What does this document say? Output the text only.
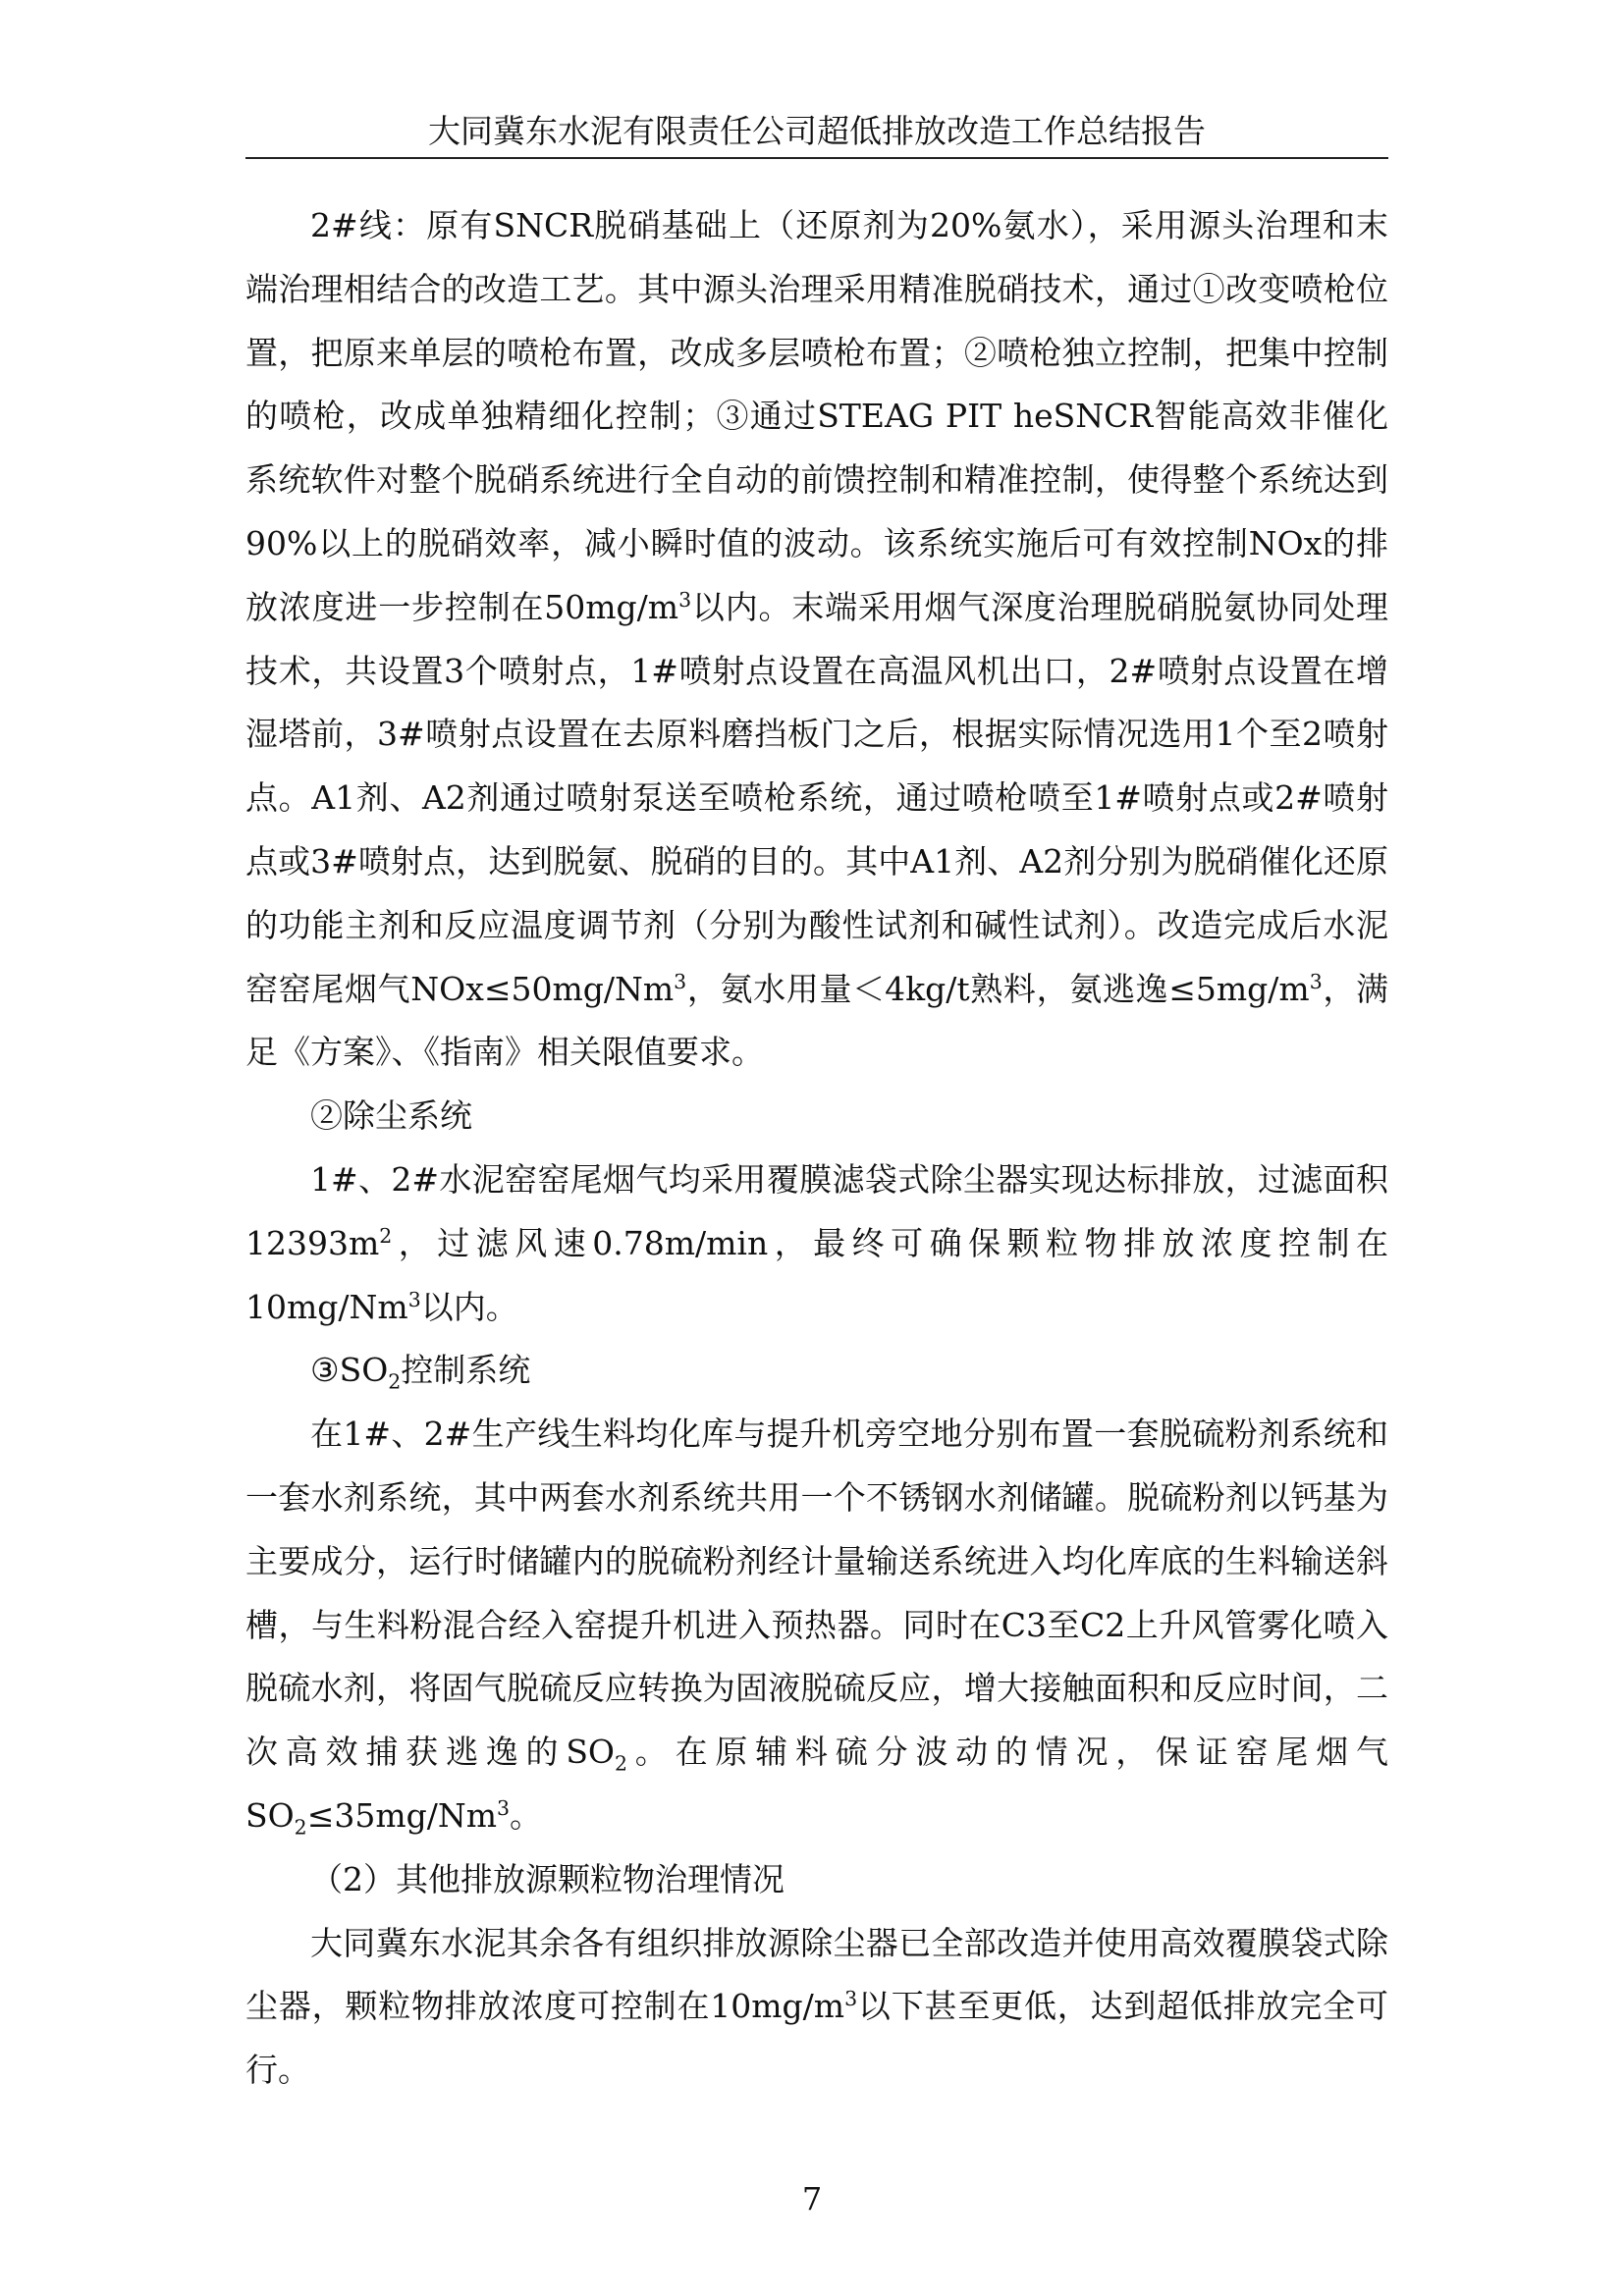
大同冀东水泥有限责任公司超低排放改造工作总结报告

2#线：原有SNCR脱硝基础上（还原剂为20%氨水），采用源头治理和末端治理相结合的改造工艺。其中源头治理采用精准脱硝技术，通过①改变喷枪位置，把原来单层的喷枪布置，改成多层喷枪布置；②喷枪独立控制，把集中控制的喷枪，改成单独精细化控制；③通过STEAG PIT heSNCR智能高效非催化系统软件对整个脱硝系统进行全自动的前馈控制和精准控制，使得整个系统达到90%以上的脱硝效率，减小瞬时值的波动。该系统实施后可有效控制NOx的排放浓度进一步控制在$50mg/m^3$以内。末端采用烟气深度治理脱硝脱氨协同处理技术，共设置3个喷射点，1#喷射点设置在高温风机出口，2#喷射点设置在增湿塔前，3#喷射点设置在去原料磨挡板门之后，根据实际情况选用1个至2喷射点。A1剂、A2剂通过喷射泵送至喷枪系统，通过喷枪喷至1#喷射点或2#喷射点或3#喷射点，达到脱氨、脱硝的目的。其中A1剂、A2剂分别为脱硝催化还原的功能主剂和反应温度调节剂（分别为酸性试剂和碱性试剂）。改造完成后水泥窑窑尾烟气$NOx\le 50mg/Nm^3$，氨水用量＜4kg/t熟料，氨逃逸$\le 5mg/m^3$，满足《方案》、《指南》相关限值要求。

②除尘系统

1#、2#水泥窑窑尾烟气均采用覆膜滤袋式除尘器实现达标排放，过滤面积$12393m^2$，过滤风速0.78m/min，最终可确保颗粒物排放浓度控制在10mg/Nm$^3$以内。

$③SO_2$控制系统

在1#、2#生产线生料均化库与提升机旁空地分别布置一套脱硫粉剂系统和一套水剂系统，其中两套水剂系统共用一个不锈钢水剂储罐。脱硫粉剂以钙基为主要成分，运行时储罐内的脱硫粉剂经计量输送系统进入均化库底的生料输送斜槽，与生料粉混合经入窑提升机进入预热器。同时在C3至C2上升风管雾化喷入脱硫水剂，将固气脱硫反应转换为固液脱硫反应，增大接触面积和反应时间，二次高效捕获逃逸的$SO_2$。在原辅料硫分波动的情况，保证窑尾烟气$SO_2\le 35mg/Nm^3$。

（2）其他排放源颗粒物治理情况

大同冀东水泥其余各有组织排放源除尘器已全部改造并使用高效覆膜袋式除尘器，颗粒物排放浓度可控制在$10mg/m^3$以下甚至更低，达到超低排放完全可行。

7
